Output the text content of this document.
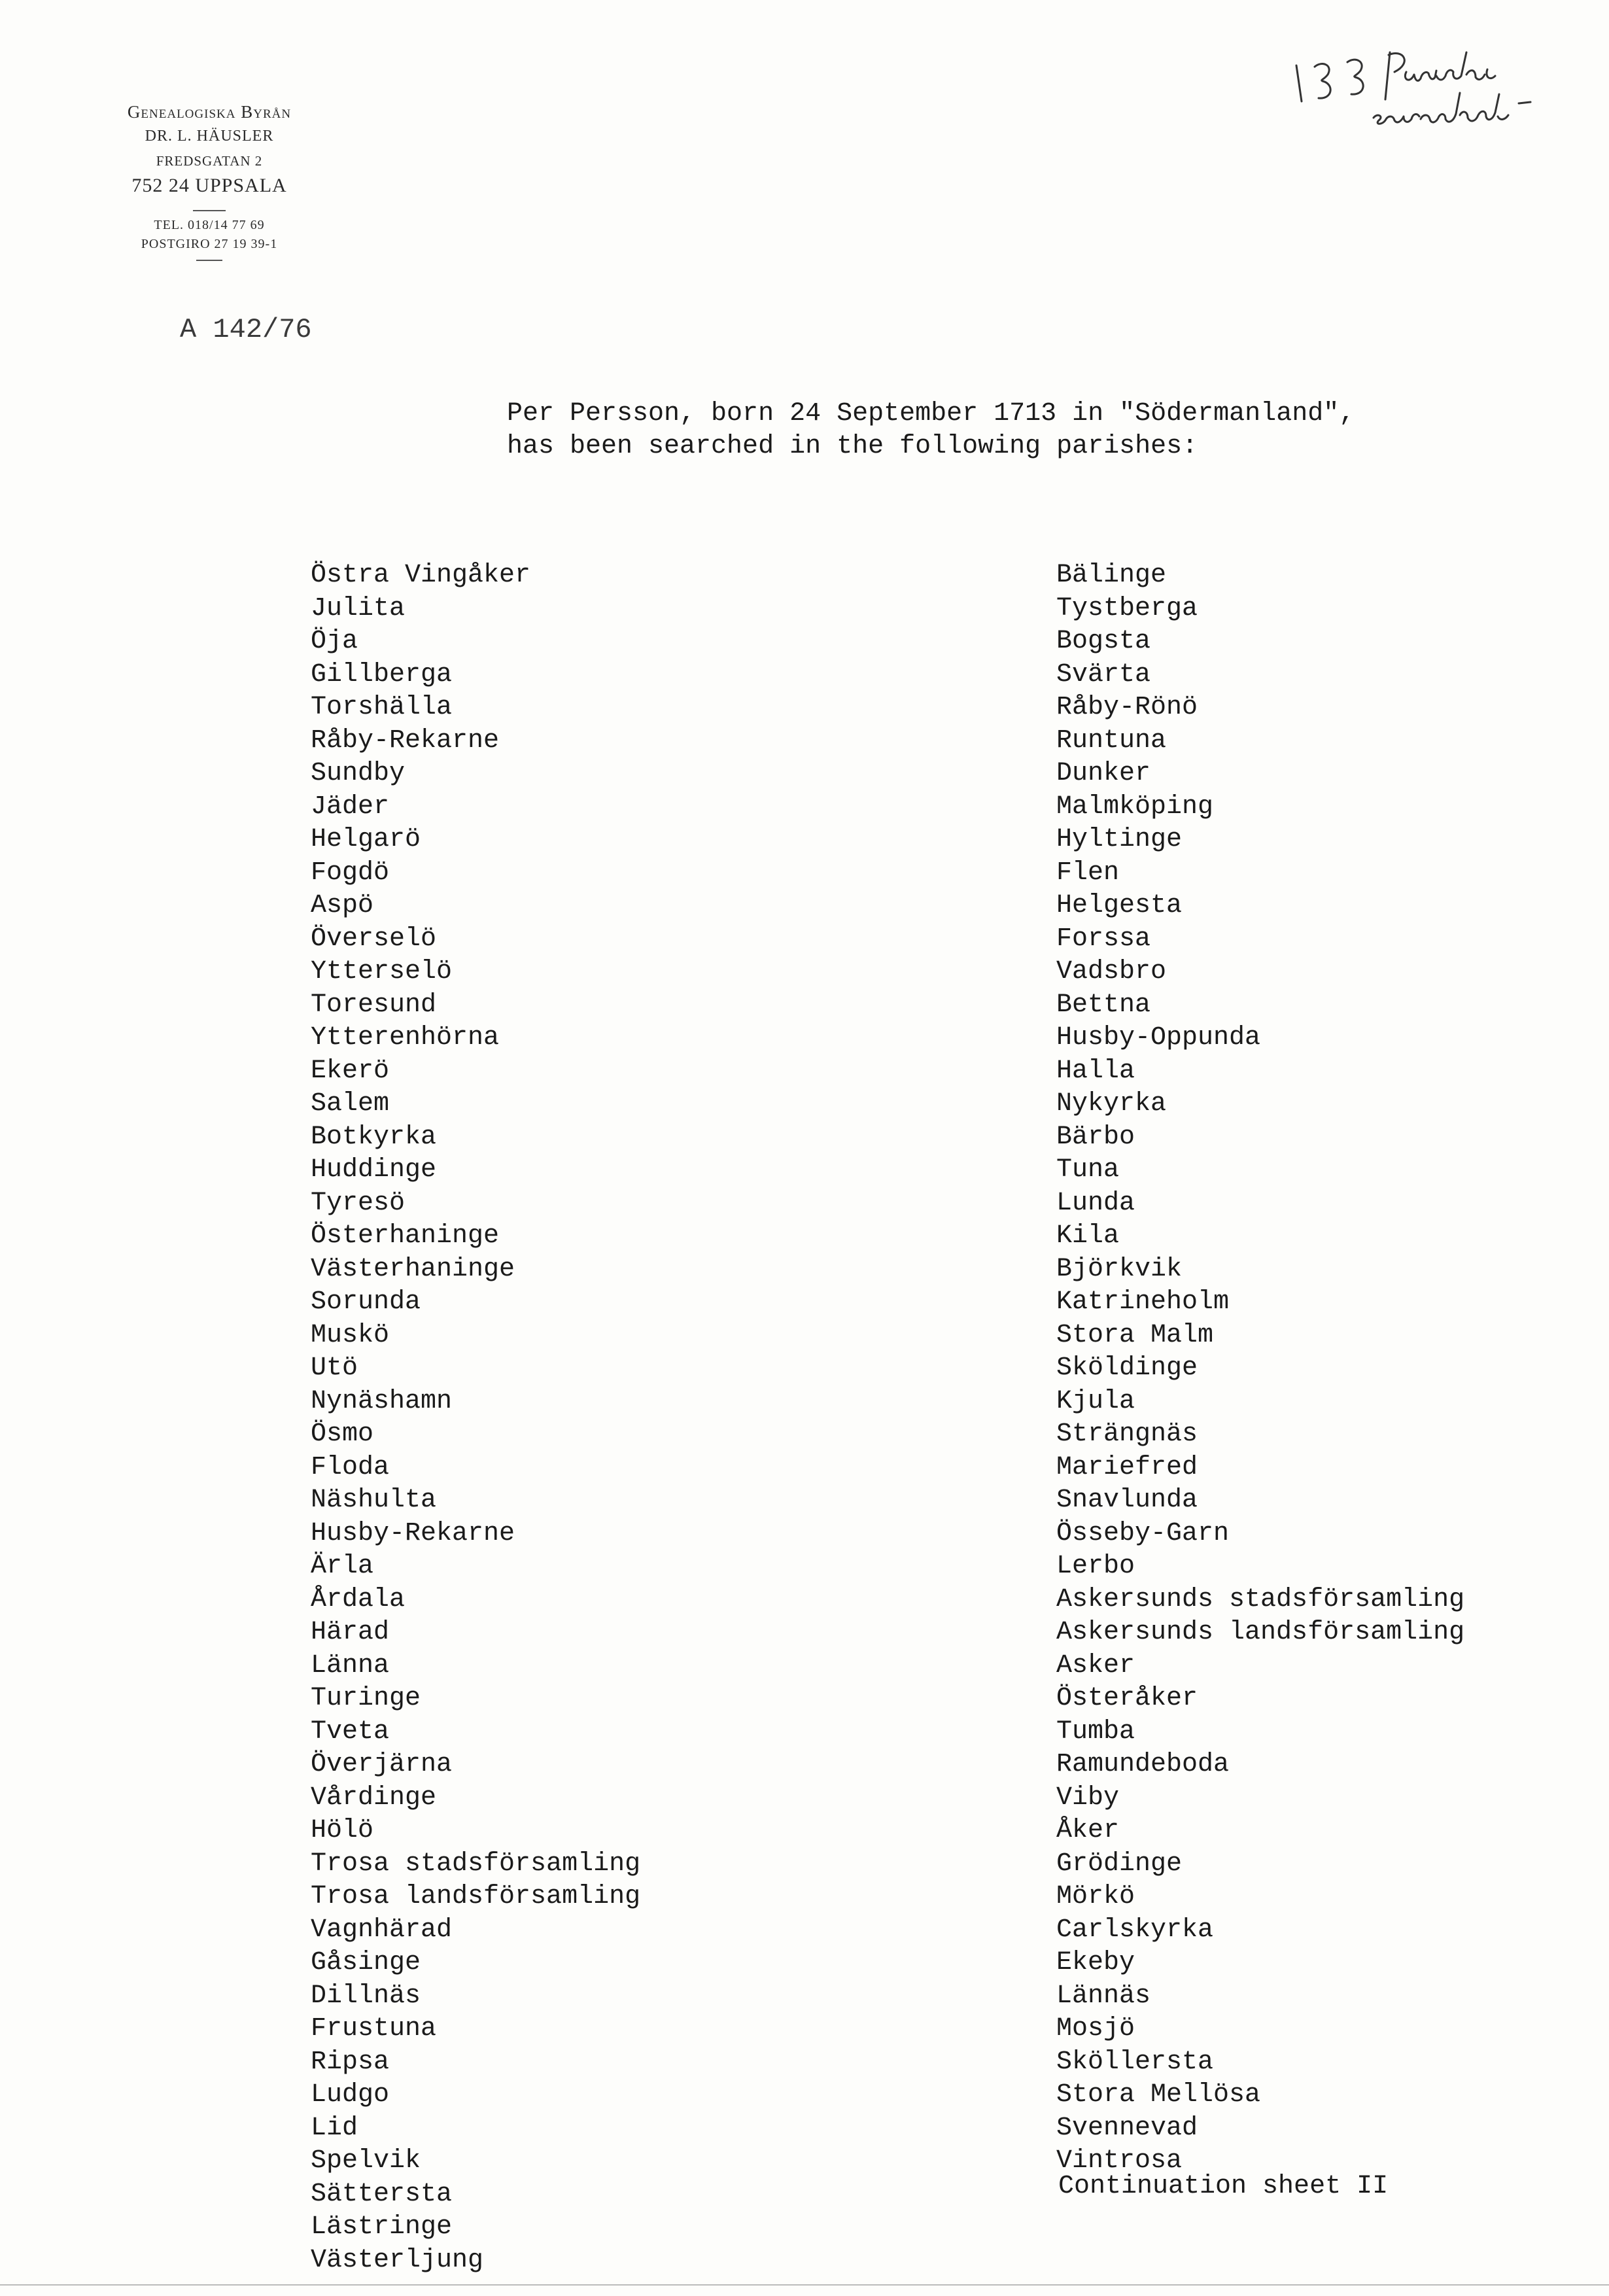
Genealogiska Byrån
DR. L. HÄUSLER
FREDSGATAN 2
752 24 UPPSALA
TEL. 018/14 77 69
POSTGIRO 27 19 39-1
A 142/76
Per Persson, born 24 September 1713 in "Södermanland",
has been searched in the following parishes:
Östra Vingåker
Julita
Öja
Gillberga
Torshälla
Råby-Rekarne
Sundby
Jäder
Helgarö
Fogdö
Aspö
Överselö
Ytterselö
Toresund
Ytterenhörna
Ekerö
Salem
Botkyrka
Huddinge
Tyresö
Österhaninge
Västerhaninge
Sorunda
Muskö
Utö
Nynäshamn
Ösmo
Floda
Näshulta
Husby-Rekarne
Ärla
Årdala
Härad
Länna
Turinge
Tveta
Överjärna
Vårdinge
Hölö
Trosa stadsförsamling
Trosa landsförsamling
Vagnhärad
Gåsinge
Dillnäs
Frustuna
Ripsa
Ludgo
Lid
Spelvik
Sättersta
Lästringe
Västerljung
Bälinge
Tystberga
Bogsta
Svärta
Råby-Rönö
Runtuna
Dunker
Malmköping
Hyltinge
Flen
Helgesta
Forssa
Vadsbro
Bettna
Husby-Oppunda
Halla
Nykyrka
Bärbo
Tuna
Lunda
Kila
Björkvik
Katrineholm
Stora Malm
Sköldinge
Kjula
Strängnäs
Mariefred
Snavlunda
Össeby-Garn
Lerbo
Askersunds stadsförsamling
Askersunds landsförsamling
Asker
Österåker
Tumba
Ramundeboda
Viby
Åker
Grödinge
Mörkö
Carlskyrka
Ekeby
Lännäs
Mosjö
Sköllersta
Stora Mellösa
Svennevad
Vintrosa
Continuation sheet II
